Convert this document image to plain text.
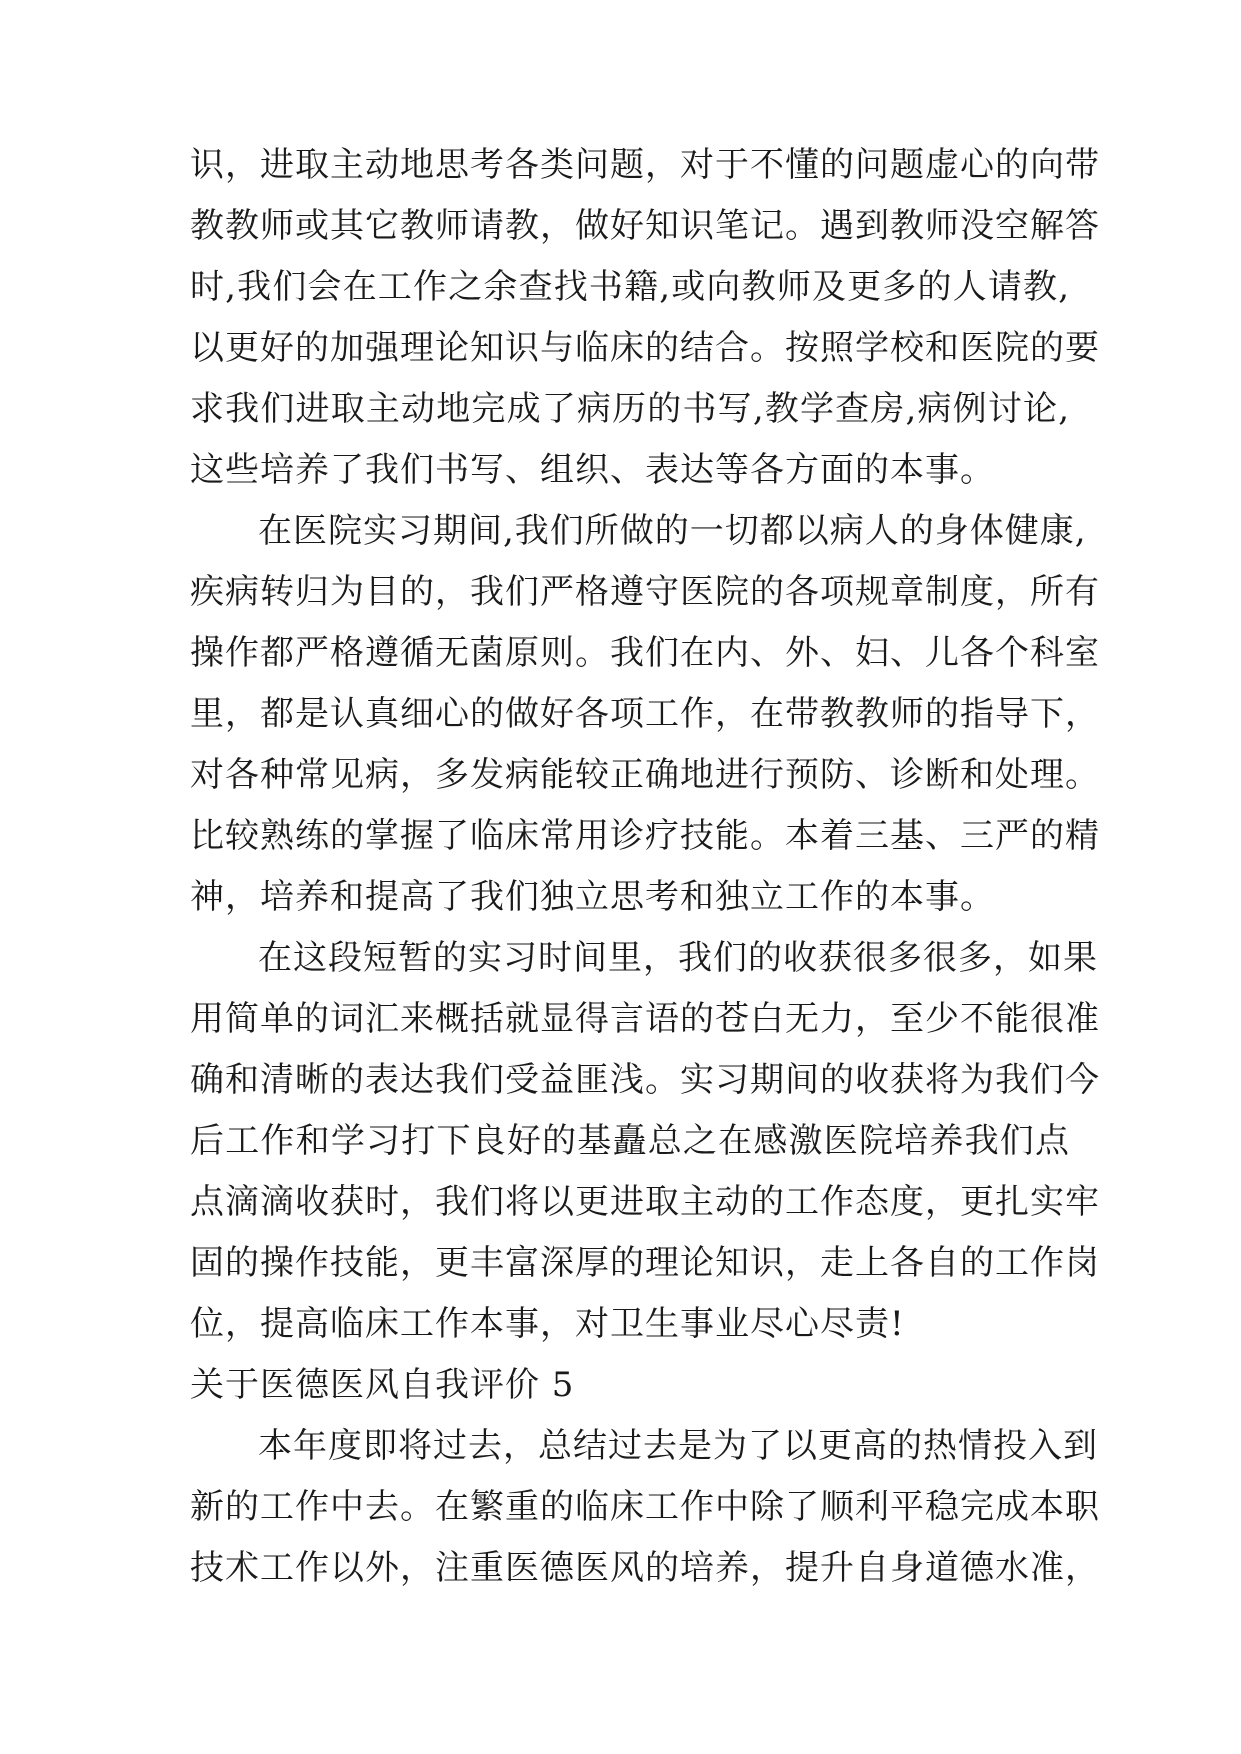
识，进取主动地思考各类问题，对于不懂的问题虚心的向带
教教师或其它教师请教，做好知识笔记。遇到教师没空解答
时,我们会在工作之余查找书籍,或向教师及更多的人请教,
以更好的加强理论知识与临床的结合。按照学校和医院的要
求我们进取主动地完成了病历的书写,教学查房,病例讨论,
这些培养了我们书写、组织、表达等各方面的本事。
在医院实习期间,我们所做的一切都以病人的身体健康,
疾病转归为目的，我们严格遵守医院的各项规章制度，所有
操作都严格遵循无菌原则。我们在内、外、妇、儿各个科室
里，都是认真细心的做好各项工作，在带教教师的指导下，
对各种常见病，多发病能较正确地进行预防、诊断和处理。
比较熟练的掌握了临床常用诊疗技能。本着三基、三严的精
神，培养和提高了我们独立思考和独立工作的本事。
在这段短暂的实习时间里，我们的收获很多很多，如果
用简单的词汇来概括就显得言语的苍白无力，至少不能很准
确和清晰的表达我们受益匪浅。实习期间的收获将为我们今
后工作和学习打下良好的基矗总之在感激医院培养我们点
点滴滴收获时，我们将以更进取主动的工作态度，更扎实牢
固的操作技能，更丰富深厚的理论知识，走上各自的工作岗
位，提高临床工作本事，对卫生事业尽心尽责!
关于医德医风自我评价 5
本年度即将过去，总结过去是为了以更高的热情投入到
新的工作中去。在繁重的临床工作中除了顺利平稳完成本职
技术工作以外，注重医德医风的培养，提升自身道德水准，
